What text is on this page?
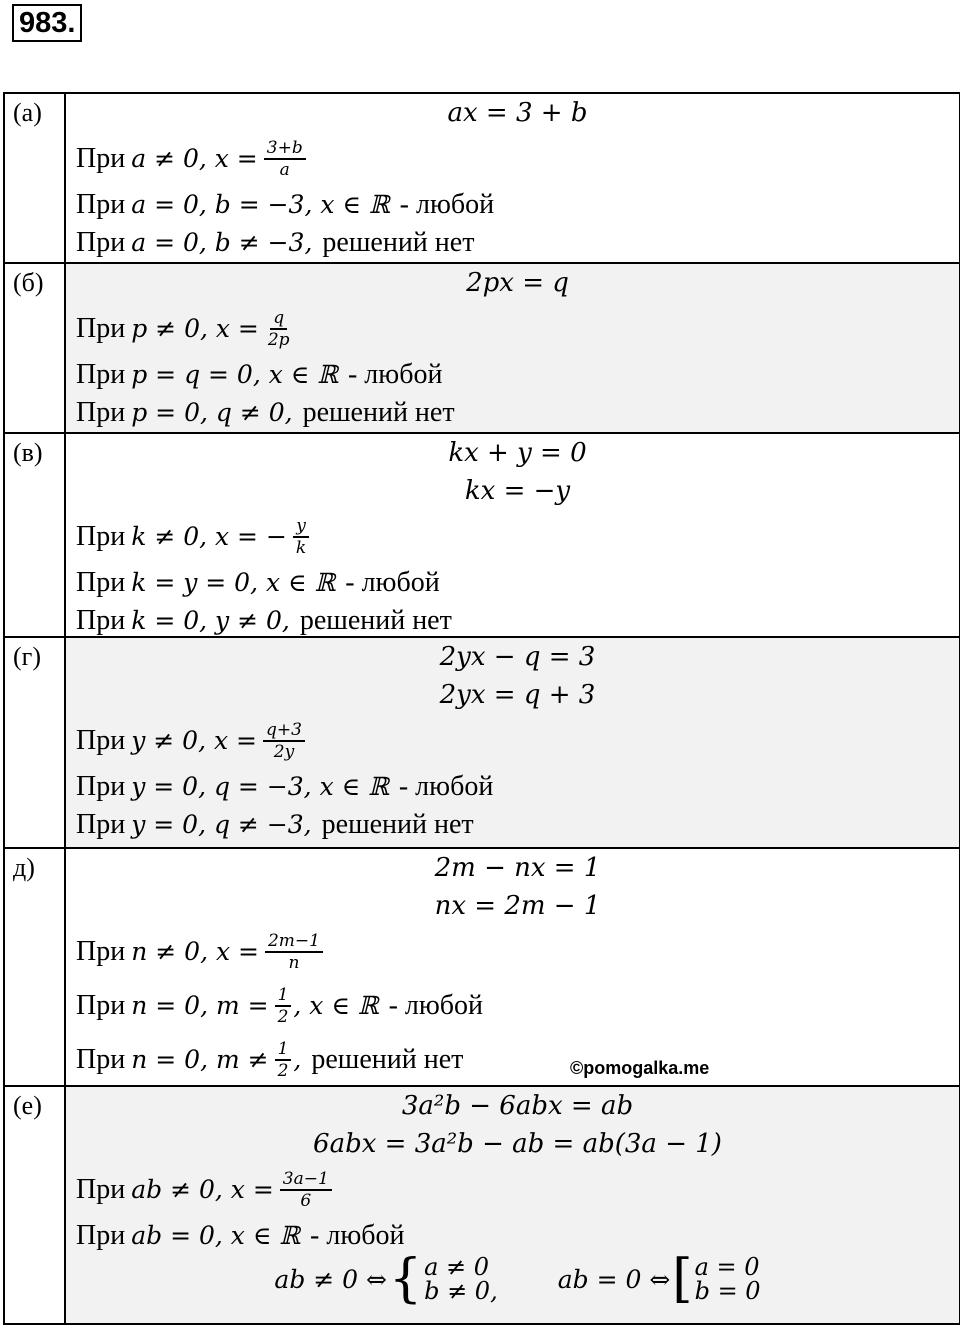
983.
(a)	ax = 3 + b
При a ≠ 0, $x = \frac{3+b}{a}$
При a = 0, b = −3, x ∈ ℝ - любой
При a = 0, b ≠ −3, решений нет
(б)	2px = q
При p ≠ 0, $x = \frac{q}{2p}$
При p = q = 0, x ∈ ℝ - любой
При p = 0, q ≠ 0, решений нет
(в)	kx + y = 0
kx = −y
При k ≠ 0, x = − $\frac{y}{k}$
При k = y = 0, x ∈ ℝ - любой
При k = 0, y ≠ 0, решений нет
(г)	2yx − q = 3
2yx = q + 3
При y ≠ 0, $x = \frac{q+3}{2y}$
При y = 0, q = −3, x ∈ ℝ - любой
При y = 0, q ≠ −3, решений нет
д)	2m − nx = 1
nx = 2m − 1
При n ≠ 0, $x = \frac{2m-1}{n}$
При n = 0, $m = \frac{1}{2}$ , x ∈ ℝ - любой
При n = 0, $m \ne \frac{1}{2}$ , решений нет
(е)	3a²b − 6abx = ab
6abx = 3a²b − ab = ab(3a − 1)
При ab ≠ 0, $x = \frac{3a-1}{6}$
При ab = 0, x ∈ ℝ - любой
ab ≠ 0 ⇔ { a ≠ 0
b ≠ 0, ab = 0 ⇔ [ a = 0
b = 0
©pomogalka.me
